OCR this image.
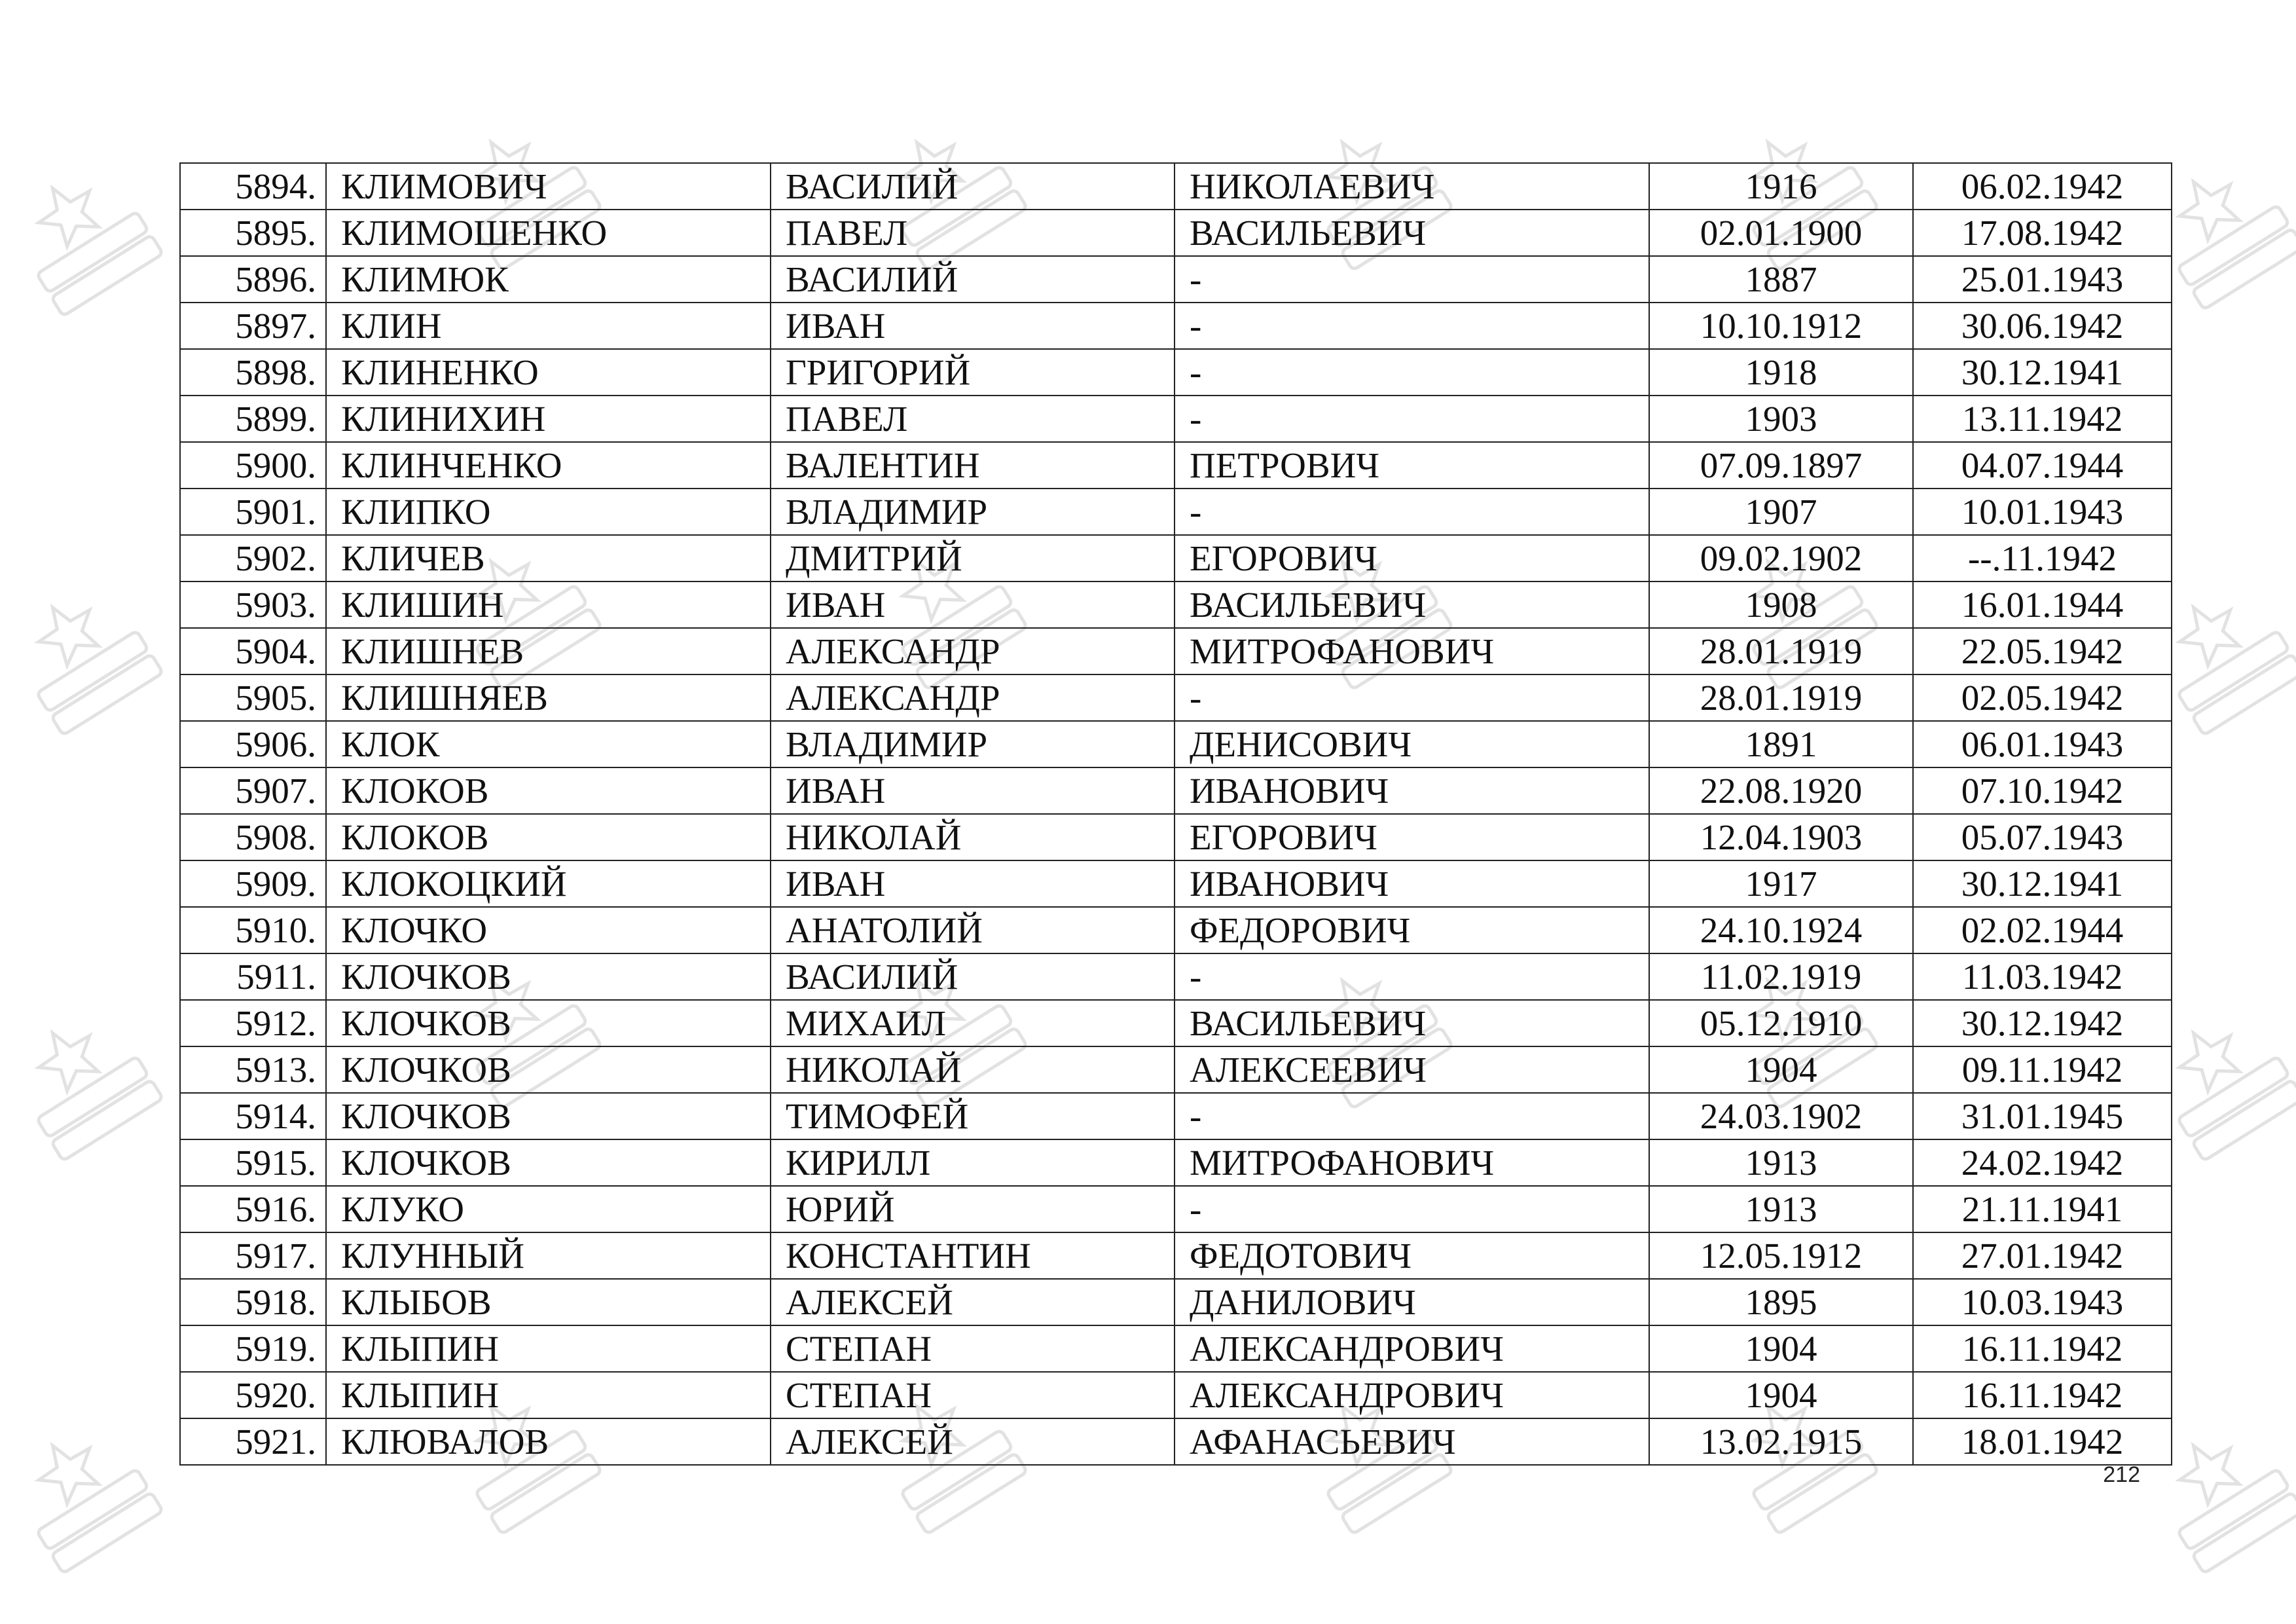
5894.	КЛИМОВИЧ	ВАСИЛИЙ	НИКОЛАЕВИЧ	1916	06.02.1942
5895.	КЛИМОШЕНКО	ПАВЕЛ	ВАСИЛЬЕВИЧ	02.01.1900	17.08.1942
5896.	КЛИМЮК	ВАСИЛИЙ	-	1887	25.01.1943
5897.	КЛИН	ИВАН	-	10.10.1912	30.06.1942
5898.	КЛИНЕНКО	ГРИГОРИЙ	-	1918	30.12.1941
5899.	КЛИНИХИН	ПАВЕЛ	-	1903	13.11.1942
5900.	КЛИНЧЕНКО	ВАЛЕНТИН	ПЕТРОВИЧ	07.09.1897	04.07.1944
5901.	КЛИПКО	ВЛАДИМИР	-	1907	10.01.1943
5902.	КЛИЧЕВ	ДМИТРИЙ	ЕГОРОВИЧ	09.02.1902	--.11.1942
5903.	КЛИШИН	ИВАН	ВАСИЛЬЕВИЧ	1908	16.01.1944
5904.	КЛИШНЕВ	АЛЕКСАНДР	МИТРОФАНОВИЧ	28.01.1919	22.05.1942
5905.	КЛИШНЯЕВ	АЛЕКСАНДР	-	28.01.1919	02.05.1942
5906.	КЛОК	ВЛАДИМИР	ДЕНИСОВИЧ	1891	06.01.1943
5907.	КЛОКОВ	ИВАН	ИВАНОВИЧ	22.08.1920	07.10.1942
5908.	КЛОКОВ	НИКОЛАЙ	ЕГОРОВИЧ	12.04.1903	05.07.1943
5909.	КЛОКОЦКИЙ	ИВАН	ИВАНОВИЧ	1917	30.12.1941
5910.	КЛОЧКО	АНАТОЛИЙ	ФЕДОРОВИЧ	24.10.1924	02.02.1944
5911.	КЛОЧКОВ	ВАСИЛИЙ	-	11.02.1919	11.03.1942
5912.	КЛОЧКОВ	МИХАИЛ	ВАСИЛЬЕВИЧ	05.12.1910	30.12.1942
5913.	КЛОЧКОВ	НИКОЛАЙ	АЛЕКСЕЕВИЧ	1904	09.11.1942
5914.	КЛОЧКОВ	ТИМОФЕЙ	-	24.03.1902	31.01.1945
5915.	КЛОЧКОВ	КИРИЛЛ	МИТРОФАНОВИЧ	1913	24.02.1942
5916.	КЛУКО	ЮРИЙ	-	1913	21.11.1941
5917.	КЛУННЫЙ	КОНСТАНТИН	ФЕДОТОВИЧ	12.05.1912	27.01.1942
5918.	КЛЫБОВ	АЛЕКСЕЙ	ДАНИЛОВИЧ	1895	10.03.1943
5919.	КЛЫПИН	СТЕПАН	АЛЕКСАНДРОВИЧ	1904	16.11.1942
5920.	КЛЫПИН	СТЕПАН	АЛЕКСАНДРОВИЧ	1904	16.11.1942
5921.	КЛЮВАЛОВ	АЛЕКСЕЙ	АФАНАСЬЕВИЧ	13.02.1915	18.01.1942
212
